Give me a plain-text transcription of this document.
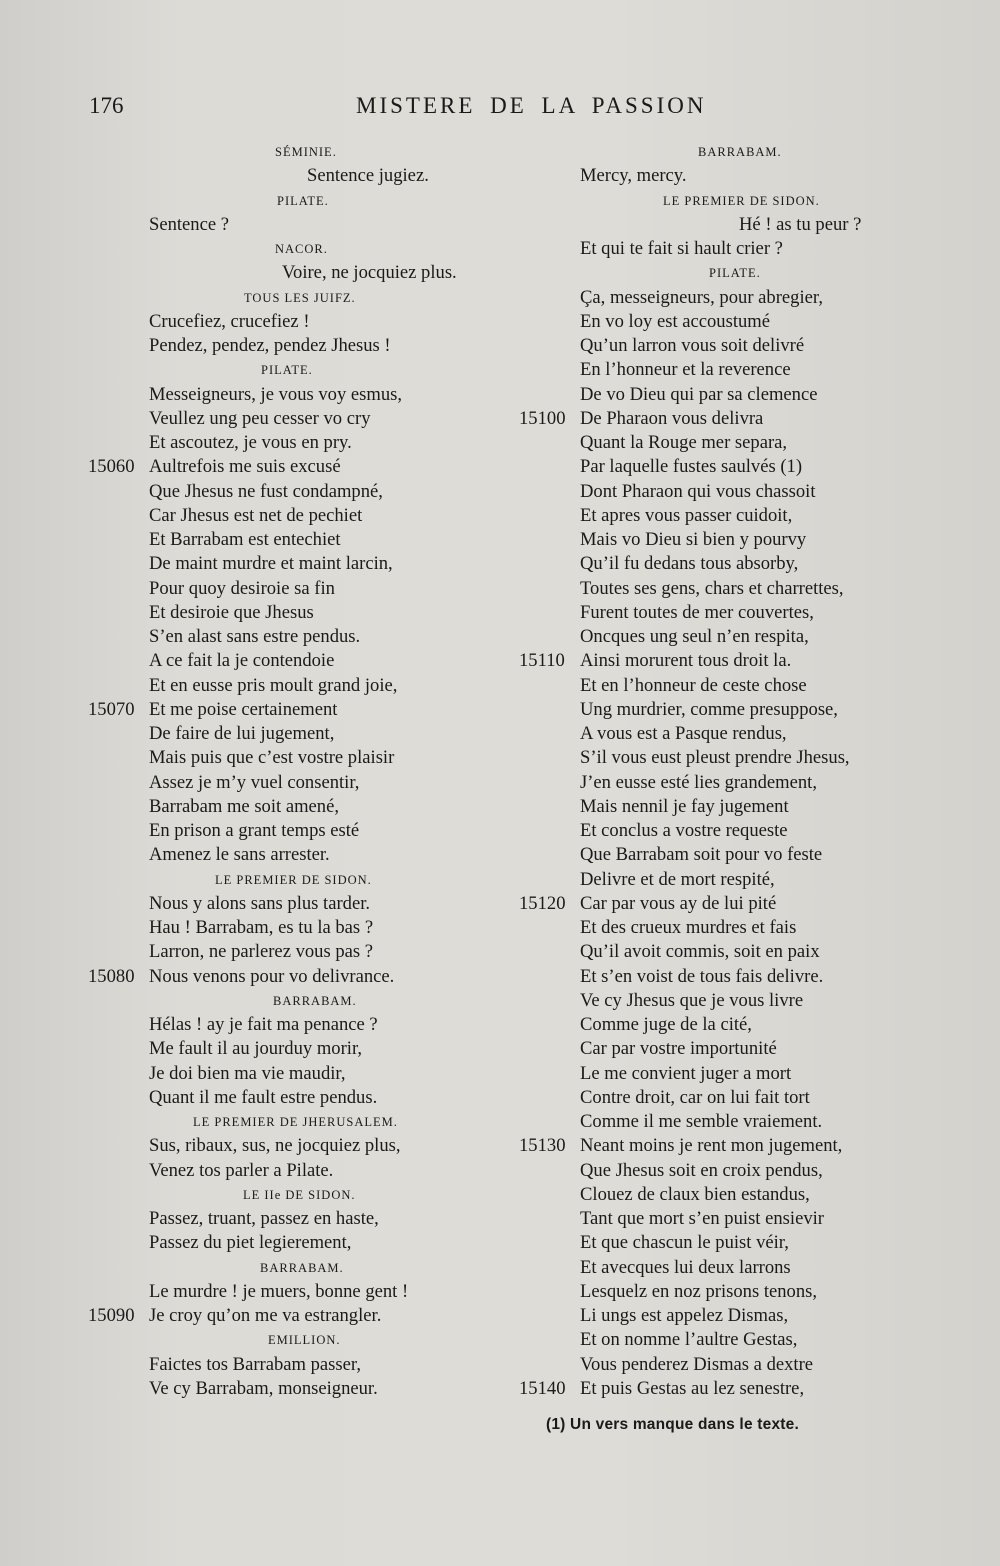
176	MISTERE DE LA PASSION
SÉMINIE.
Sentence jugiez.
PILATE.
Sentence ?
NACOR.
Voire, ne jocquiez plus.
TOUS LES JUIFZ.
Crucefiez, crucefiez !
Pendez, pendez, pendez Jhesus !
PILATE.
Messeigneurs, je vous voy esmus,
Veullez ung peu cesser vo cry
Et ascoutez, je vous en pry.
15060 Aultrefois me suis excusé
Que Jhesus ne fust condampné,
Car Jhesus est net de pechiet
Et Barrabam est entechiet
De maint murdre et maint larcin,
Pour quoy desiroie sa fin
Et desiroie que Jhesus
S’en alast sans estre pendus.
A ce fait la je contendoie
Et en eusse pris moult grand joie,
15070 Et me poise certainement
De faire de lui jugement,
Mais puis que c’est vostre plaisir
Assez je m’y vuel consentir,
Barrabam me soit amené,
En prison a grant temps esté
Amenez le sans arrester.
LE PREMIER DE SIDON.
Nous y alons sans plus tarder.
Hau ! Barrabam, es tu la bas ?
Larron, ne parlerez vous pas ?
15080 Nous venons pour vo delivrance.
BARRABAM.
Hélas ! ay je fait ma penance ?
Me fault il au jourduy morir,
Je doi bien ma vie maudir,
Quant il me fault estre pendus.
LE PREMIER DE JHERUSALEM.
Sus, ribaux, sus, ne jocquiez plus,
Venez tos parler a Pilate.
LE IIe DE SIDON.
Passez, truant, passez en haste,
Passez du piet legierement,
BARRABAM.
Le murdre ! je muers, bonne gent !
15090 Je croy qu’on me va estrangler.
EMILLION.
Faictes tos Barrabam passer,
Ve cy Barrabam, monseigneur.
BARRABAM.
Mercy, mercy.
LE PREMIER DE SIDON.
Hé ! as tu peur ?
Et qui te fait si hault crier ?
PILATE.
Ça, messeigneurs, pour abregier,
En vo loy est accoustumé
Qu’un larron vous soit delivré
En l’honneur et la reverence
De vo Dieu qui par sa clemence
15100 De Pharaon vous delivra
Quant la Rouge mer separa,
Par laquelle fustes saulvés (1)
Dont Pharaon qui vous chassoit
Et apres vous passer cuidoit,
Mais vo Dieu si bien y pourvy
Qu’il fu dedans tous absorby,
Toutes ses gens, chars et charrettes,
Furent toutes de mer couvertes,
Oncques ung seul n’en respita,
15110 Ainsi morurent tous droit la.
Et en l’honneur de ceste chose
Ung murdrier, comme presuppose,
A vous est a Pasque rendus,
S’il vous eust pleust prendre Jhesus,
J’en eusse esté lies grandement,
Mais nennil je fay jugement
Et conclus a vostre requeste
Que Barrabam soit pour vo feste
Delivre et de mort respité,
15120 Car par vous ay de lui pité
Et des crueux murdres et fais
Qu’il avoit commis, soit en paix
Et s’en voist de tous fais delivre.
Ve cy Jhesus que je vous livre
Comme juge de la cité,
Car par vostre importunité
Le me convient juger a mort
Contre droit, car on lui fait tort
Comme il me semble vraiement.
15130 Neant moins je rent mon jugement,
Que Jhesus soit en croix pendus,
Clouez de claux bien estandus,
Tant que mort s’en puist ensievir
Et que chascun le puist véir,
Et avecques lui deux larrons
Lesquelz en noz prisons tenons,
Li ungs est appelez Dismas,
Et on nomme l’aultre Gestas,
Vous penderez Dismas a dextre
15140 Et puis Gestas au lez senestre,
(1) Un vers manque dans le texte.
